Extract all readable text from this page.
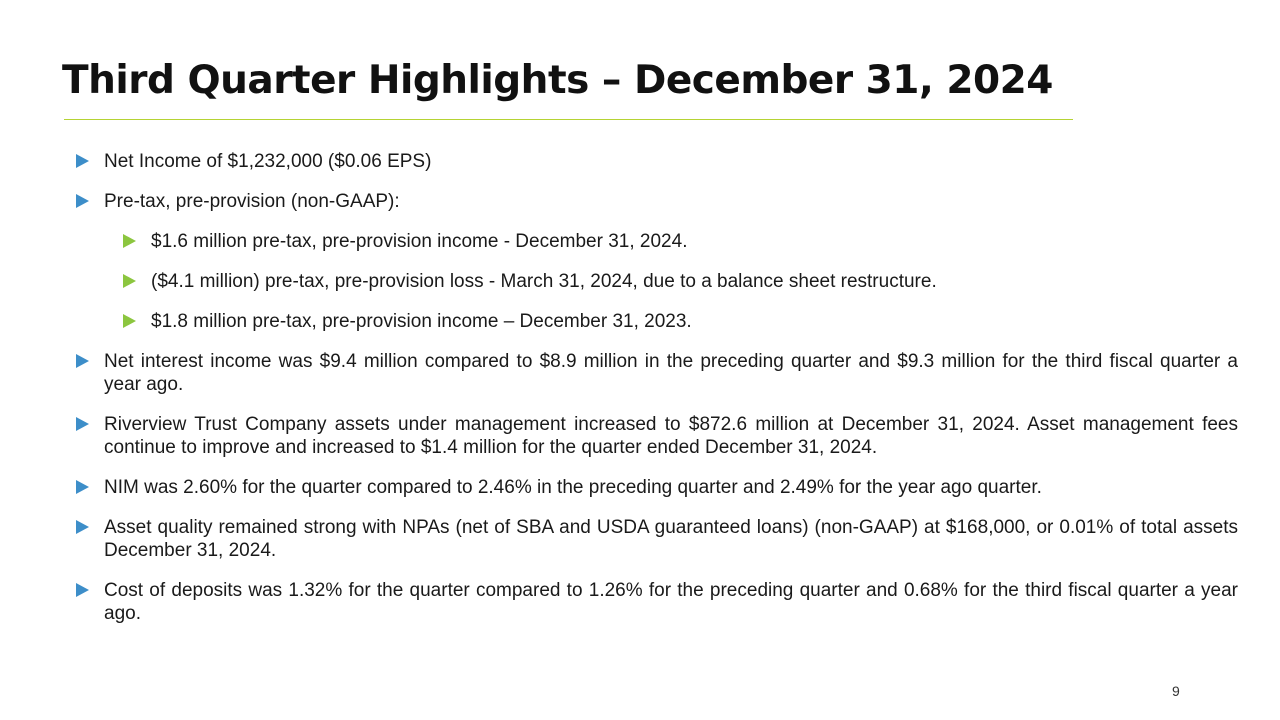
Third Quarter Highlights – December 31, 2024
Net Income of $1,232,000 ($0.06 EPS)
Pre-tax, pre-provision (non-GAAP):
$1.6 million pre-tax, pre-provision income - December 31, 2024.
($4.1 million) pre-tax, pre-provision loss - March 31, 2024, due to a balance sheet restructure.
$1.8 million pre-tax, pre-provision income – December 31, 2023.
Net interest income was $9.4 million compared to $8.9 million in the preceding quarter and $9.3 million for the third fiscal quarter a year ago.
Riverview Trust Company assets under management increased to $872.6 million at December 31, 2024. Asset management fees continue to improve and increased to $1.4 million for the quarter ended December 31, 2024.
NIM was 2.60% for the quarter compared to 2.46% in the preceding quarter and 2.49% for the year ago quarter.
Asset quality remained strong with NPAs (net of SBA and USDA guaranteed loans) (non-GAAP) at $168,000, or 0.01% of total assets December 31, 2024.
Cost of deposits was 1.32% for the quarter compared to 1.26% for the preceding quarter and 0.68% for the third fiscal quarter a year ago.
9
